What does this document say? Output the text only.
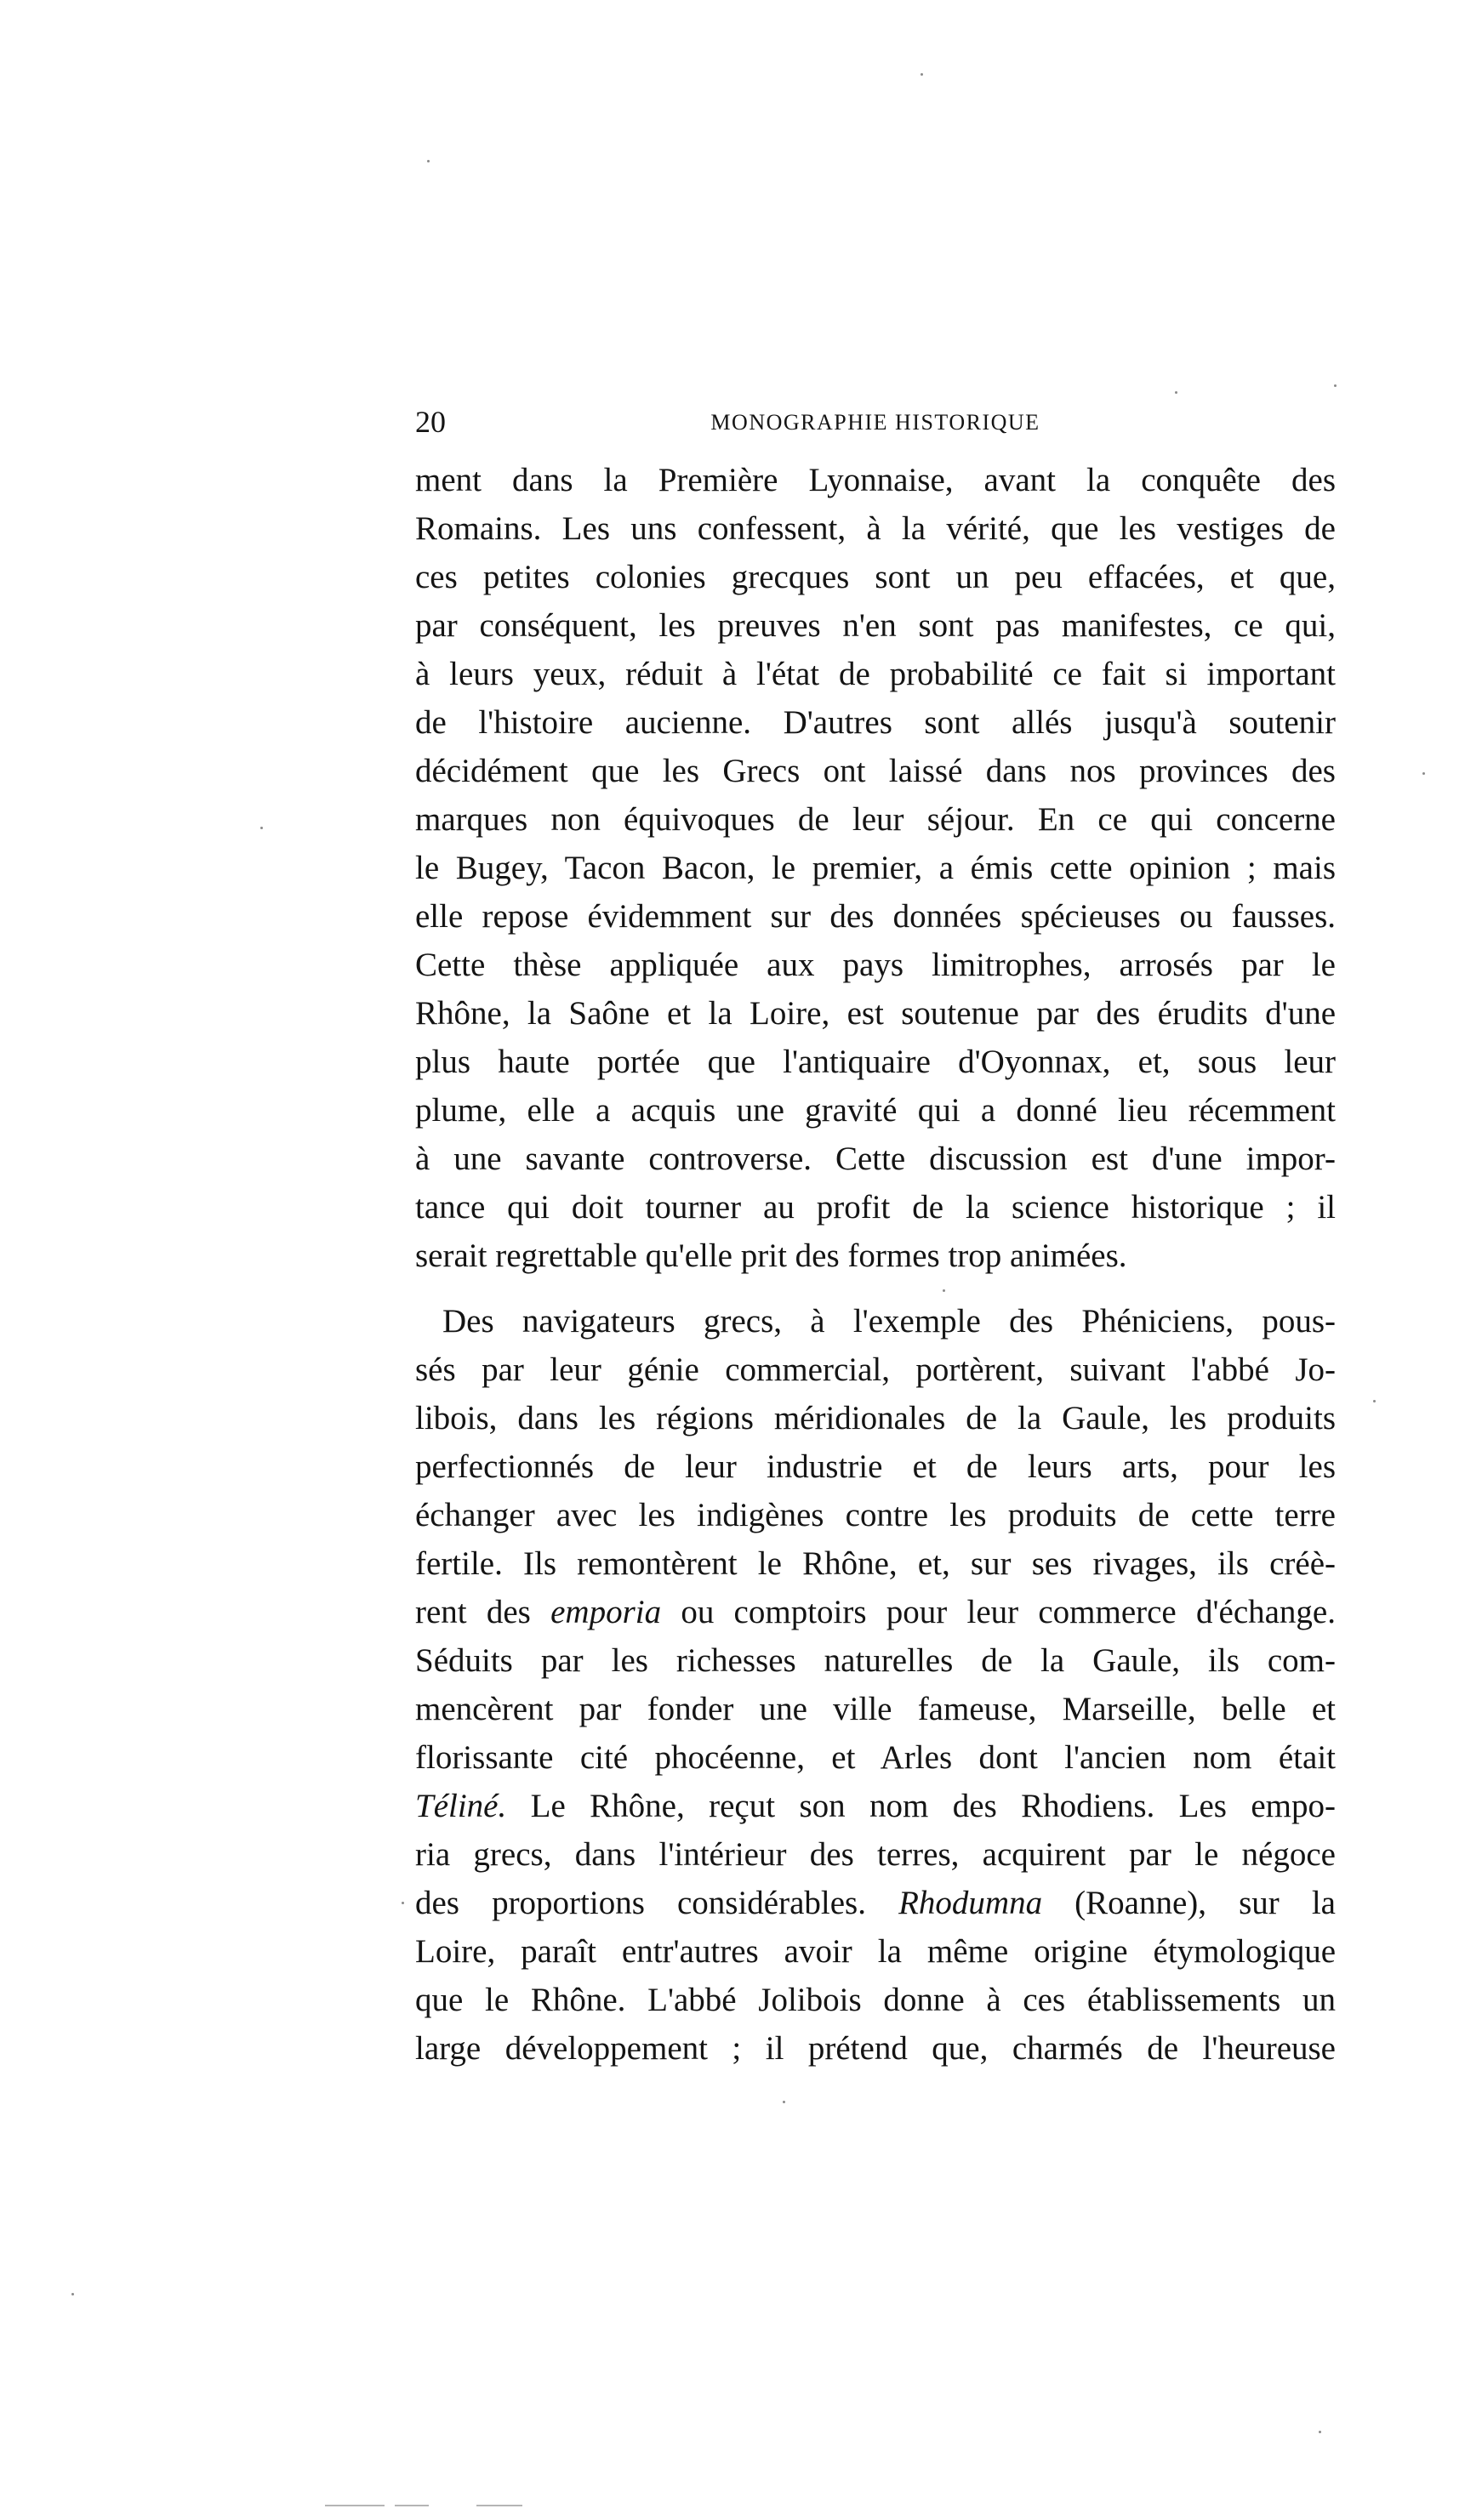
20	MONOGRAPHIE HISTORIQUE
ment dans la Première Lyonnaise, avant la conquête des
Romains. Les uns confessent, à la vérité, que les vestiges de
ces petites colonies grecques sont un peu effacées, et que,
par conséquent, les preuves n'en sont pas manifestes, ce qui,
à leurs yeux, réduit à l'état de probabilité ce fait si important
de l'histoire aucienne. D'autres sont allés jusqu'à soutenir
décidément que les Grecs ont laissé dans nos provinces des
marques non équivoques de leur séjour. En ce qui concerne
le Bugey, Tacon Bacon, le premier, a émis cette opinion ; mais
elle repose évidemment sur des données spécieuses ou fausses.
Cette thèse appliquée aux pays limitrophes, arrosés par le
Rhône, la Saône et la Loire, est soutenue par des érudits d'une
plus haute portée que l'antiquaire d'Oyonnax, et, sous leur
plume, elle a acquis une gravité qui a donné lieu récemment
à une savante controverse. Cette discussion est d'une impor-
tance qui doit tourner au profit de la science historique ; il
serait regrettable qu'elle prit des formes trop animées.
Des navigateurs grecs, à l'exemple des Phéniciens, pous-
sés par leur génie commercial, portèrent, suivant l'abbé Jo-
libois, dans les régions méridionales de la Gaule, les produits
perfectionnés de leur industrie et de leurs arts, pour les
échanger avec les indigènes contre les produits de cette terre
fertile. Ils remontèrent le Rhône, et, sur ses rivages, ils créè-
rent des emporia ou comptoirs pour leur commerce d'échange.
Séduits par les richesses naturelles de la Gaule, ils com-
mencèrent par fonder une ville fameuse, Marseille, belle et
florissante cité phocéenne, et Arles dont l'ancien nom était
Téliné. Le Rhône, reçut son nom des Rhodiens. Les empo-
ria grecs, dans l'intérieur des terres, acquirent par le négoce
des proportions considérables. Rhodumna (Roanne), sur la
Loire, paraît entr'autres avoir la même origine étymologique
que le Rhône. L'abbé Jolibois donne à ces établissements un
large développement ; il prétend que, charmés de l'heureuse
